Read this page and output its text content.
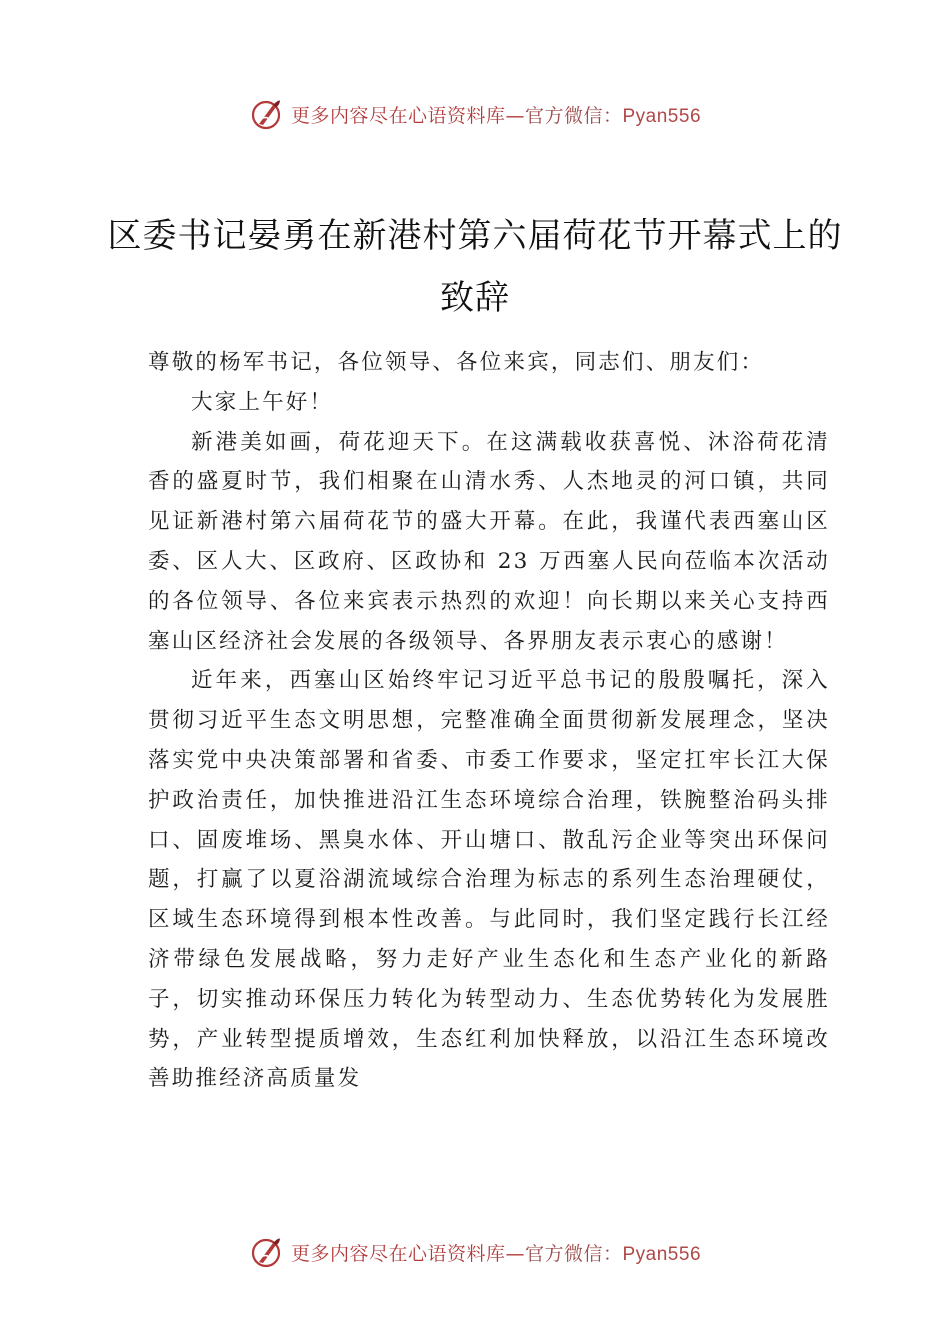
更多内容尽在心语资料库—官方微信：Pyan556
区委书记晏勇在新港村第六届荷花节开幕式上的致辞

尊敬的杨军书记，各位领导、各位来宾，同志们、朋友们：

大家上午好！

新港美如画，荷花迎天下。在这满载收获喜悦、沐浴荷花清香的盛夏时节，我们相聚在山清水秀、人杰地灵的河口镇，共同见证新港村第六届荷花节的盛大开幕。在此，我谨代表西塞山区委、区人大、区政府、区政协和 23 万西塞人民向莅临本次活动的各位领导、各位来宾表示热烈的欢迎！向长期以来关心支持西塞山区经济社会发展的各级领导、各界朋友表示衷心的感谢！

近年来，西塞山区始终牢记习近平总书记的殷殷嘱托，深入贯彻习近平生态文明思想，完整准确全面贯彻新发展理念，坚决落实党中央决策部署和省委、市委工作要求，坚定扛牢长江大保护政治责任，加快推进沿江生态环境综合治理，铁腕整治码头排口、固废堆场、黑臭水体、开山塘口、散乱污企业等突出环保问题，打赢了以夏浴湖流域综合治理为标志的系列生态治理硬仗，区域生态环境得到根本性改善。与此同时，我们坚定践行长江经济带绿色发展战略，努力走好产业生态化和生态产业化的新路子，切实推动环保压力转化为转型动力、生态优势转化为发展胜势，产业转型提质增效，生态红利加快释放，以沿江生态环境改善助推经济高质量发

更多内容尽在心语资料库—官方微信：Pyan556
